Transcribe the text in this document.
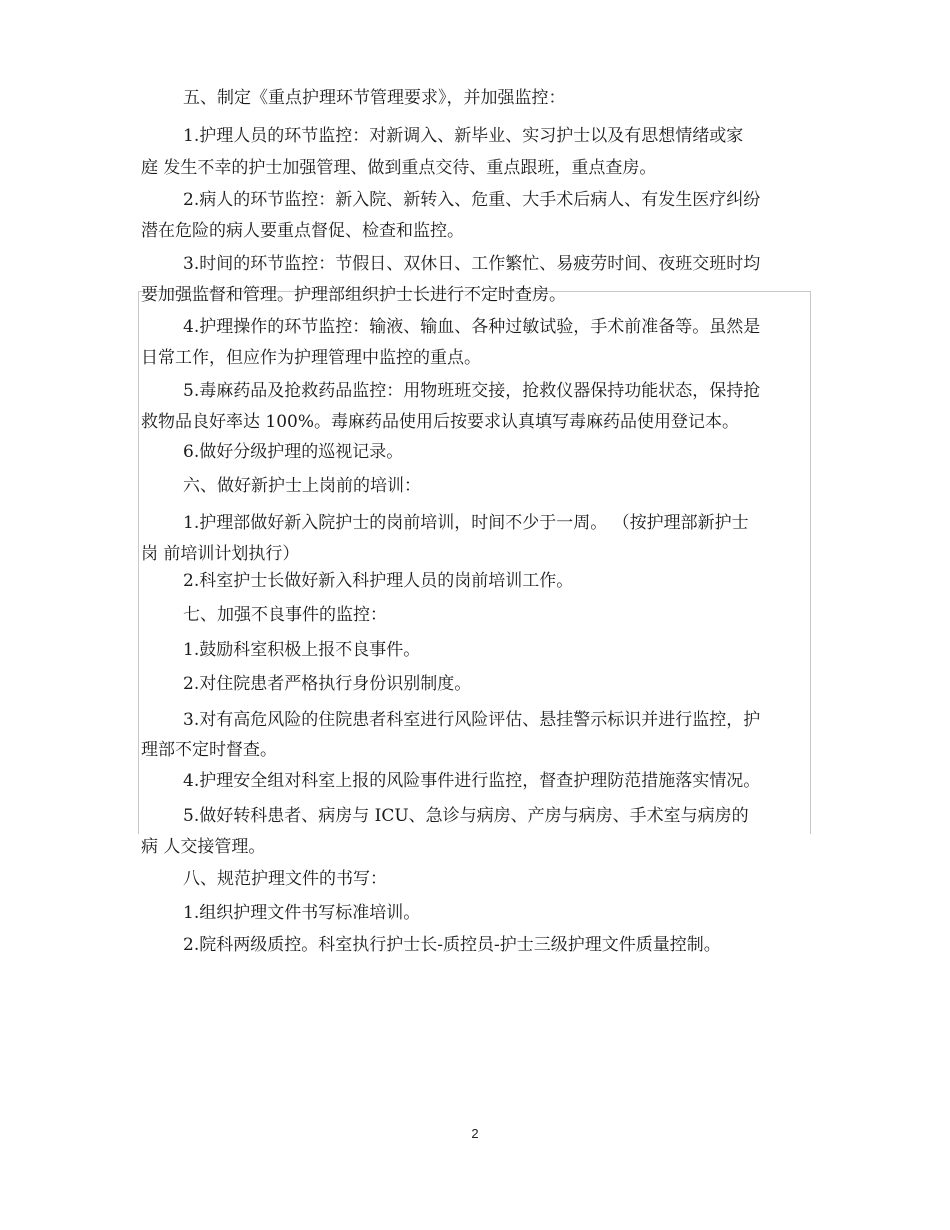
五、制定《重点护理环节管理要求》，并加强监控：
1.护理人员的环节监控：对新调入、新毕业、实习护士以及有思想情绪或家
庭 发生不幸的护士加强管理、做到重点交待、重点跟班，重点查房。
2.病人的环节监控：新入院、新转入、危重、大手术后病人、有发生医疗纠纷
潜在危险的病人要重点督促、检查和监控。
3.时间的环节监控：节假日、双休日、工作繁忙、易疲劳时间、夜班交班时均
要加强监督和管理。护理部组织护士长进行不定时查房。
4.护理操作的环节监控：输液、输血、各种过敏试验，手术前准备等。虽然是
日常工作，但应作为护理管理中监控的重点。
5.毒麻药品及抢救药品监控：用物班班交接，抢救仪器保持功能状态，保持抢
救物品良好率达 100%。毒麻药品使用后按要求认真填写毒麻药品使用登记本。
6.做好分级护理的巡视记录。
六、做好新护士上岗前的培训：
1.护理部做好新入院护士的岗前培训，时间不少于一周。 （按护理部新护士
岗 前培训计划执行）
2.科室护士长做好新入科护理人员的岗前培训工作。
七、加强不良事件的监控：
1.鼓励科室积极上报不良事件。
2.对住院患者严格执行身份识别制度。
3.对有高危风险的住院患者科室进行风险评估、悬挂警示标识并进行监控，护
理部不定时督查。
4.护理安全组对科室上报的风险事件进行监控，督查护理防范措施落实情况。
5.做好转科患者、病房与 ICU、急诊与病房、产房与病房、手术室与病房的
病 人交接管理。
八、规范护理文件的书写：
1.组织护理文件书写标准培训。
2.院科两级质控。科室执行护士长-质控员-护士三级护理文件质量控制。
2
